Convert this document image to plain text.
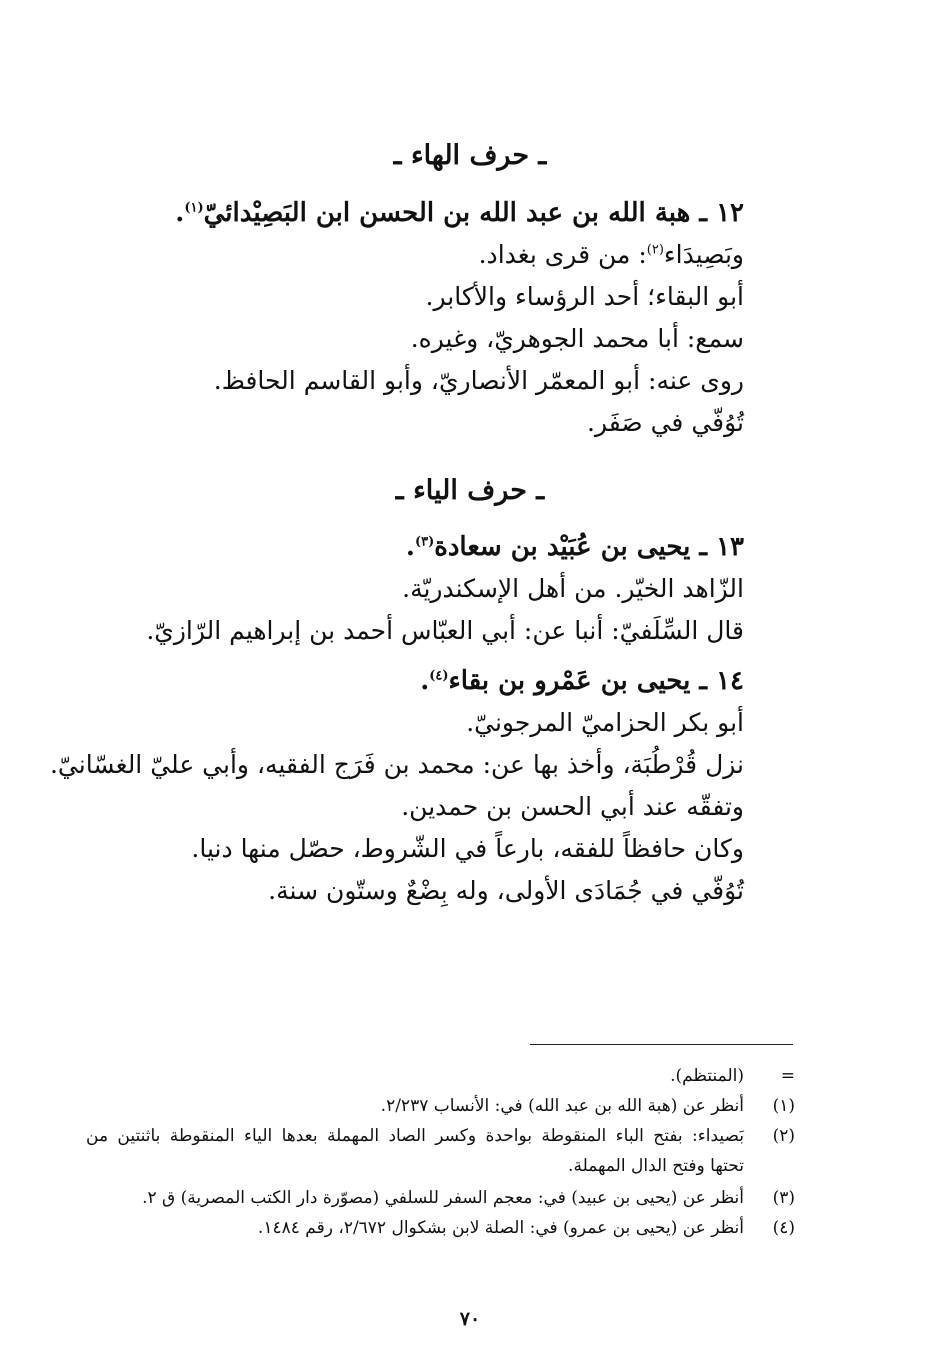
ـ حرف الهاء ـ
١٢ ـ هبة الله بن عبد الله بن الحسن ابن البَصِيْدائيّ$^{(١)}$.
وبَصِيدَاء$^{(٢)}$: من قرى بغداد.
أبو البقاء؛ أحد الرؤساء والأكابر.
سمع: أبا محمد الجوهريّ، وغيره.
روى عنه: أبو المعمّر الأنصاريّ، وأبو القاسم الحافظ.
تُوُفّي في صَفَر.
ـ حرف الياء ـ
١٣ ـ يحيى بن عُبَيْد بن سعادة$^{(٣)}$.
الزّاهد الخيّر. من أهل الإسكندريّة.
قال السِّلَفيّ: أنبا عن: أبي العبّاس أحمد بن إبراهيم الرّازيّ.
١٤ ـ يحيى بن عَمْرو بن بقاء$^{(٤)}$.
أبو بكر الحزاميّ المرجونيّ.
نزل قُرْطُبَة، وأخذ بها عن: محمد بن فَرَج الفقيه، وأبي عليّ الغسّانيّ.
وتفقّه عند أبي الحسن بن حمدين.
وكان حافظاً للفقه، بارعاً في الشّروط، حصّل منها دنيا.
تُوُفّي في جُمَادَى الأولى، وله بِضْعٌ وستّون سنة.
=
(المنتظم).
(١)
أنظر عن (هبة الله بن عبد الله) في: الأنساب ٢/٢٣٧.
(٢)
بَصيداء: بفتح الباء المنقوطة بواحدة وكسر الصاد المهملة بعدها الياء المنقوطة باثنتين من
تحتها وفتح الدال المهملة.
(٣)
أنظر عن (يحيى بن عبيد) في: معجم السفر للسلفي (مصوّرة دار الكتب المصرية) ق ٢.
(٤)
أنظر عن (يحيى بن عمرو) في: الصلة لابن بشكوال ٢/٦٧٢، رقم ١٤٨٤.
٧٠
